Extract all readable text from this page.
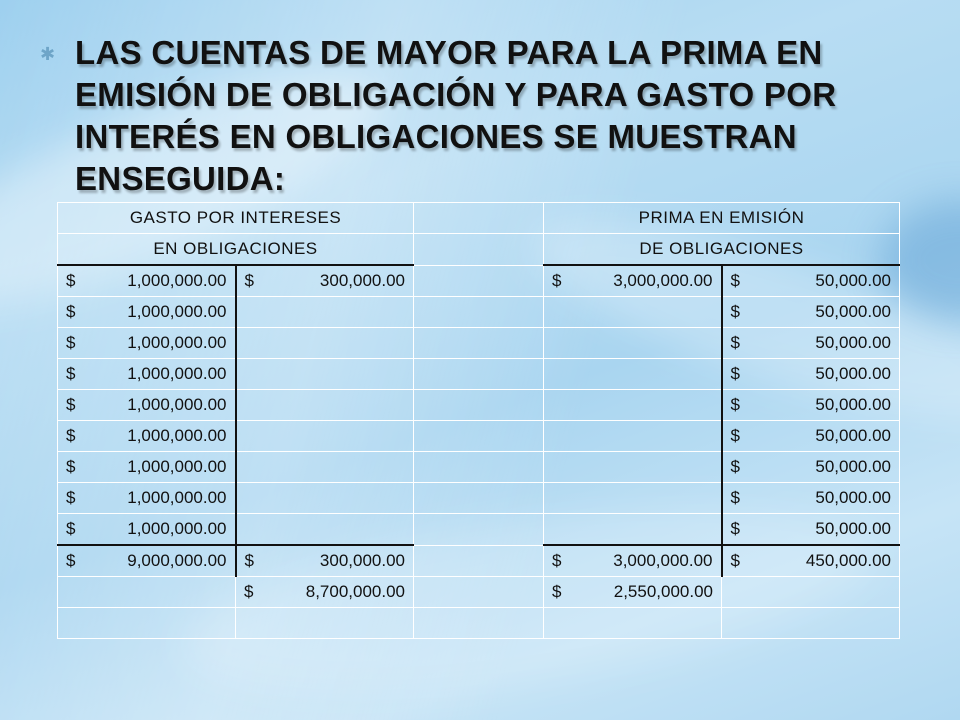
✱ LAS CUENTAS DE MAYOR PARA LA PRIMA EN EMISIÓN DE OBLIGACIÓN Y PARA GASTO POR INTERÉS EN OBLIGACIONES SE MUESTRAN ENSEGUIDA:
GASTO POR INTERESES			PRIMA EN EMISIÓN	
EN OBLIGACIONES			DE OBLIGACIONES	

$ 1,000,000.00	$ 300,000.00		$ 3,000,000.00	$ 50,000.00

$ 1,000,000.00				$ 50,000.00

$ 1,000,000.00				$ 50,000.00

$ 1,000,000.00				$ 50,000.00

$ 1,000,000.00				$ 50,000.00

$ 1,000,000.00				$ 50,000.00

$ 1,000,000.00				$ 50,000.00

$ 1,000,000.00				$ 50,000.00

$ 1,000,000.00				$ 50,000.00

$ 9,000,000.00	$ 300,000.00		$ 3,000,000.00	$ 450,000.00

	$ 8,700,000.00		$ 2,550,000.00	
